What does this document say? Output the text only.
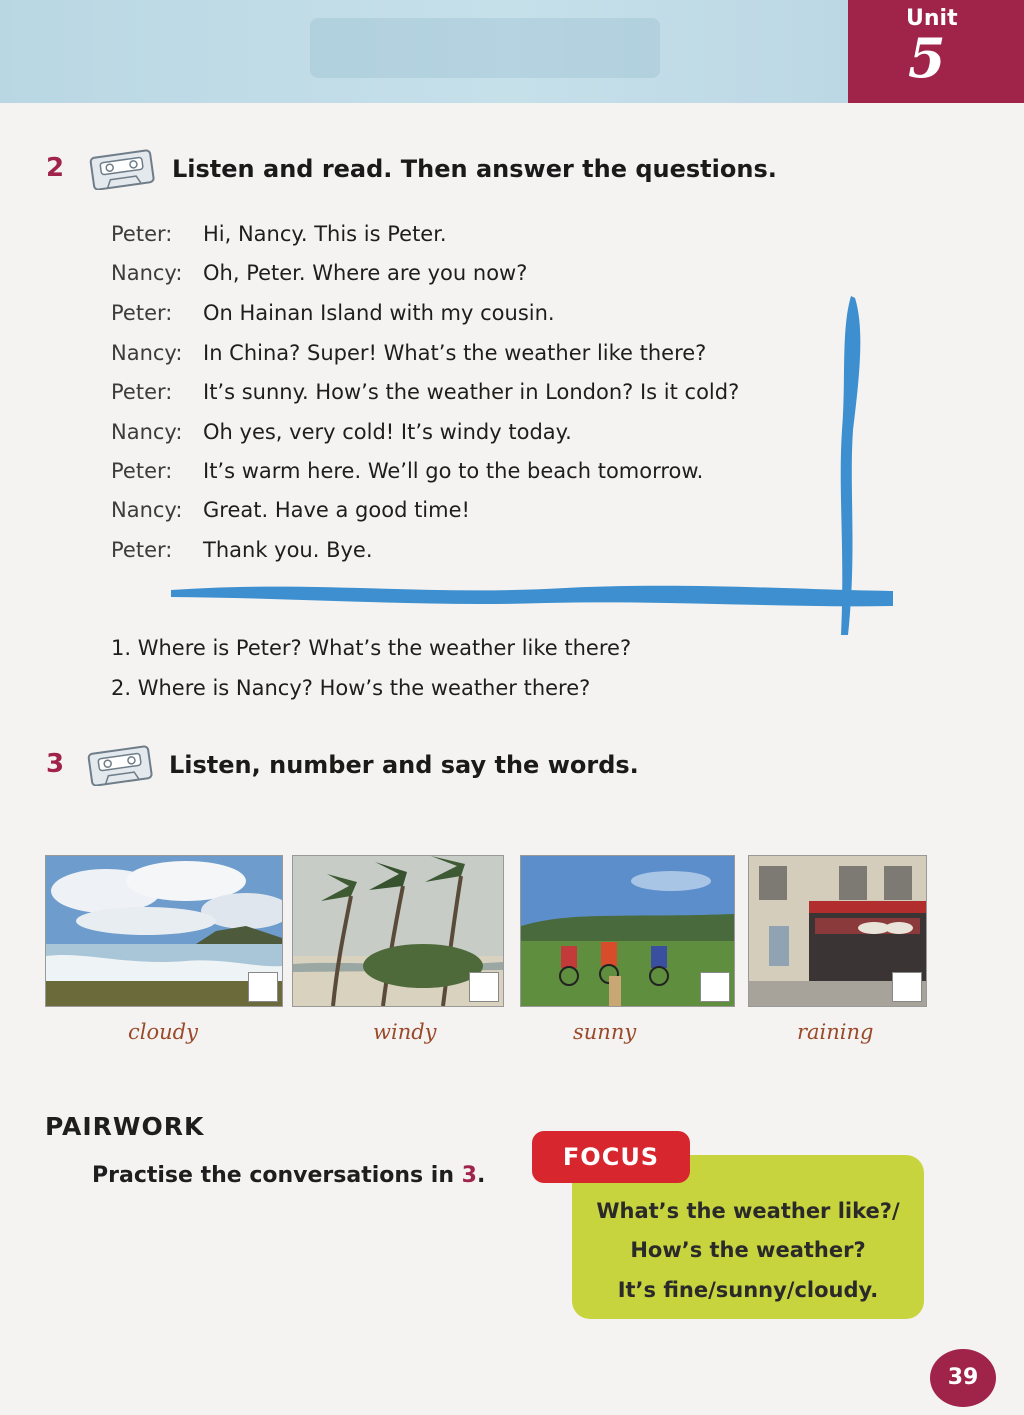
Unit
5
2	Listen and read. Then answer the questions.
Peter: Hi, Nancy. This is Peter.
Nancy: Oh, Peter. Where are you now?
Peter: On Hainan Island with my cousin.
Nancy: In China? Super! What’s the weather like there?
Peter: It’s sunny. How’s the weather in London? Is it cold?
Nancy: Oh yes, very cold! It’s windy today.
Peter: It’s warm here. We’ll go to the beach tomorrow.
Nancy: Great. Have a good time!
Peter: Thank you. Bye.
1. Where is Peter? What’s the weather like there?
2. Where is Nancy? How’s the weather there?
3	Listen, number and say the words.
cloudy	windy	sunny	raining
PAIRWORK
Practise the conversations in 3.
FOCUS
What’s the weather like?/
How’s the weather?
It’s fine/sunny/cloudy.
39
